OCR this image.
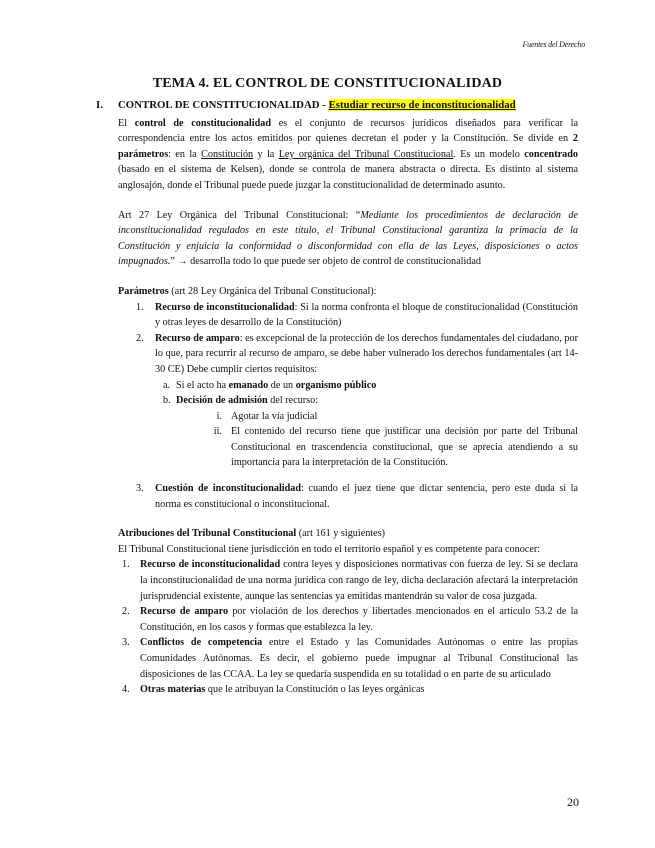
Fuentes del Derecho
TEMA 4. EL CONTROL DE CONSTITUCIONALIDAD
I. CONTROL DE CONSTITUCIONALIDAD - Estudiar recurso de inconstitucionalidad

El control de constitucionalidad es el conjunto de recursos jurídicos diseñados para verificar la correspondencia entre los actos emitidos por quienes decretan el poder y la Constitución. Se divide en 2 parámetros: en la Constitución y la Ley orgánica del Tribunal Constitucional. Es un modelo concentrado (basado en el sistema de Kelsen), donde se controla de manera abstracta o directa. Es distinto al sistema anglosajón, donde el Tribunal puede puede juzgar la constitucionalidad de determinado asunto.

Art 27 Ley Orgánica del Tribunal Constitucional: “Mediante los procedimientos de declaración de inconstitucionalidad regulados en este título, el Tribunal Constitucional garantiza la primacía de la Constitución y enjuicia la conformidad o disconformidad con ella de las Leyes, disposiciones o actos impugnados.” → desarrolla todo lo que puede ser objeto de control de constitucionalidad

Parámetros (art 28 Ley Orgánica del Tribunal Constitucional):

1. Recurso de inconstitucionalidad: Si la norma confronta el bloque de constitucionalidad (Constitución y otras leyes de desarrollo de la Constitución)
2. Recurso de amparo: es excepcional de la protección de los derechos fundamentales del ciudadano, por lo que, para recurrir al recurso de amparo, se debe haber vulnerado los derechos fundamentales (art 14-30 CE) Debe cumplir ciertos requisitos:
a. Si el acto ha emanado de un organismo público
b. Decisión de admisión del recurso:
i. Agotar la vía judicial
ii. El contenido del recurso tiene que justificar una decisión por parte del Tribunal Constitucional en trascendencia constitucional, que se aprecia atendiendo a su importancia para la interpretación de la Constitución.
3. Cuestión de inconstitucionalidad: cuando el juez tiene que dictar sentencia, pero este duda si la norma es constitucional o inconstitucional.

Atribuciones del Tribunal Constitucional (art 161 y siguientes)

El Tribunal Constitucional tiene jurisdicción en todo el territorio español y es competente para conocer:

1. Recurso de inconstitucionalidad contra leyes y disposiciones normativas con fuerza de ley. Si se declara la inconstitucionalidad de una norma jurídica con rango de ley, dicha declaración afectará la interpretación jurisprudencial existente, aunque las sentencias ya emitidas mantendrán su valor de cosa juzgada.
2. Recurso de amparo por violación de los derechos y libertades mencionados en el artículo 53.2 de la Constitución, en los casos y formas que establezca la ley.
3. Conflictos de competencia entre el Estado y las Comunidades Autónomas o entre las propias Comunidades Autónomas. Es decir, el gobierno puede impugnar al Tribunal Constitucional las disposiciones de las CCAA. La ley se quedaría suspendida en su totalidad o en parte de su articulado
4. Otras materias que le atribuyan la Constitución o las leyes orgánicas
20
